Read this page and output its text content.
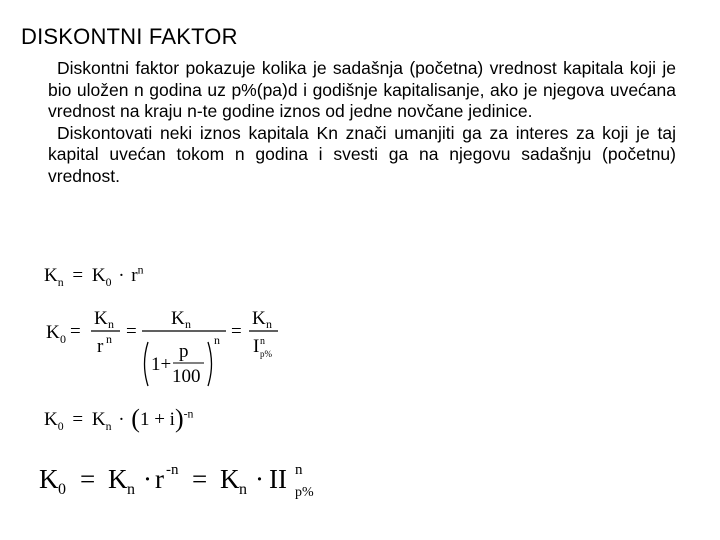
DISKONTNI FAKTOR
Diskontni faktor pokazuje kolika je sadašnja (početna) vrednost kapitala koji je bio uložen n godina uz p%(pa)d i godišnje kapitalisanje, ako je njegova uvećana vrednost na kraju n-te godine iznos od jedne novčane jedinice.
Diskontovati neki iznos kapitala Kn znači umanjiti ga za interes za koji je taj kapital uvećan tokom n godina i svesti ga na njegovu sadašnju (početnu) vrednost.
$K_n = K_0 \cdot r^n$
K 0 =
K n
r n =
K n
1+
p
100
n =
K n
I n
p%
$K_0 = K_n \cdot (1 + i)^{-n}$
K 0 = K n · r -n = K n · II n
p%
